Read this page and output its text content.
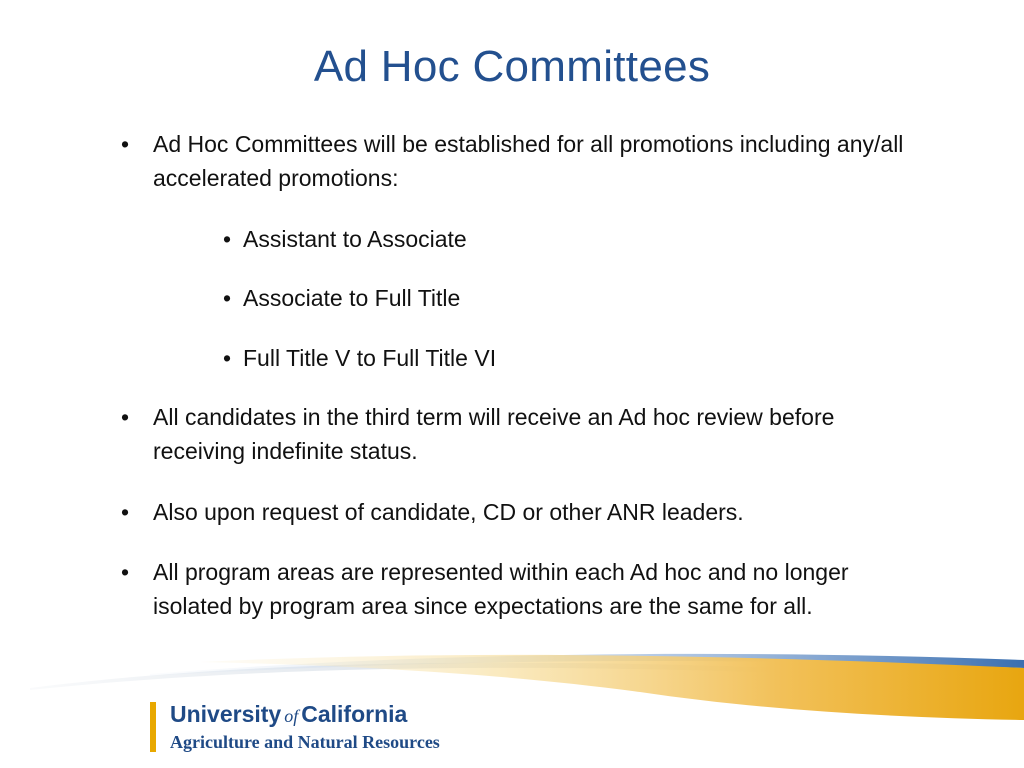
Ad Hoc Committees
• Ad Hoc Committees will be established for all promotions including any/all accelerated promotions:
• Assistant to Associate
• Associate to Full Title
• Full Title V to Full Title VI
• All candidates in the third term will receive an Ad hoc review before receiving indefinite status.
• Also upon request of candidate, CD or other ANR leaders.
• All program areas are represented within each Ad hoc and no longer isolated by program area since expectations are the same for all.
University of California
Agriculture and Natural Resources
